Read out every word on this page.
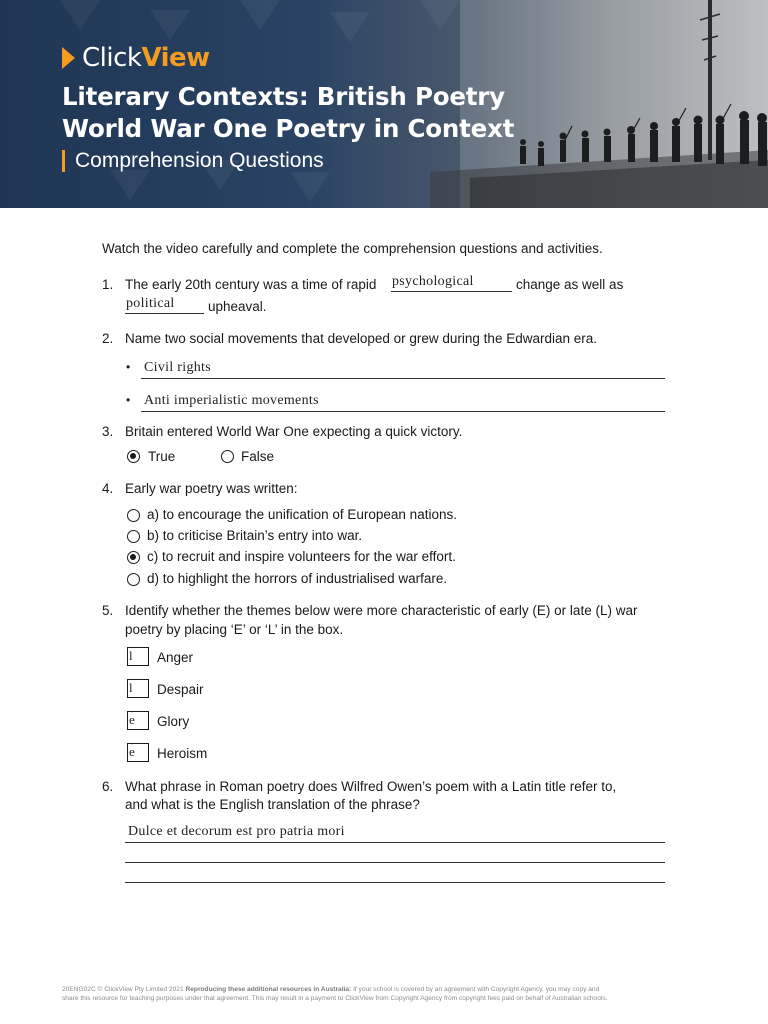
ClickView
Literary Contexts: British Poetry
World War One Poetry in Context
Comprehension Questions
Watch the video carefully and complete the comprehension questions and activities.
1. The early 20th century was a time of rapid psychological	change as well as
political upheaval.
2. Name two social movements that developed or grew during the Edwardian era.
• Civil rights
• Anti imperialistic movements
3. Britain entered World War One expecting a quick victory.
True	False
4. Early war poetry was written:
a) to encourage the unification of European nations.
b) to criticise Britain’s entry into war.
c) to recruit and inspire volunteers for the war effort.
d) to highlight the horrors of industrialised warfare.
5. Identify whether the themes below were more characteristic of early (E) or late (L) war
poetry by placing ‘E’ or ‘L’ in the box.
l Anger
l Despair
e Glory
e Heroism
6. What phrase in Roman poetry does Wilfred Owen’s poem with a Latin title refer to,
and what is the English translation of the phrase?
Dulce et decorum est pro patria mori
20ENG02C © ClickView Pty Limited 2021 Reproducing these additional resources in Australia: If your school is covered by an agreement with Copyright Agency, you may copy and
share this resource for teaching purposes under that agreement. This may result in a payment to ClickView from Copyright Agency from copyright fees paid on behalf of Australian schools.
